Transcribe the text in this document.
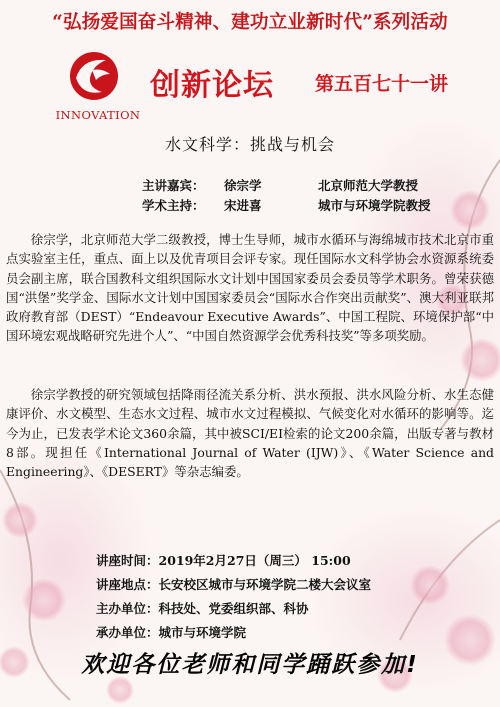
“弘扬爱国奋斗精神、建功立业新时代”系列活动
INNOVATION
创新论坛 第五百七十一讲
水文科学：挑战与机会
主讲嘉宾： 徐宗学	北京师范大学教授
学术主持： 宋进喜	城市与环境学院教授

徐宗学，北京师范大学二级教授，博士生导师，城市水循环与海绵城市技术北京市重点实验室主任，重点、面上以及优青项目会评专家。现任国际水文科学协会水资源系统委员会副主席，联合国教科文组织国际水文计划中国国家委员会委员等学术职务。曾荣获德国“洪堡”奖学金、国际水文计划中国国家委员会“国际水合作突出贡献奖”、澳大利亚联邦政府教育部（DEST）“Endeavour Executive Awards”、中国工程院、环境保护部“中国环境宏观战略研究先进个人”、“中国自然资源学会优秀科技奖”等多项奖励。

徐宗学教授的研究领域包括降雨径流关系分析、洪水预报、洪水风险分析、水生态健康评价、水文模型、生态水文过程、城市水文过程模拟、气候变化对水循环的影响等。迄今为止，已发表学术论文360余篇，其中被SCI/EI检索的论文200余篇，出版专著与教材8部。现担任《International Journal of Water (IJW)》、《Water Science and Engineering》、《DESERT》等杂志编委。

讲座时间：2019年2月27日（周三） 15:00
讲座地点：长安校区城市与环境学院二楼大会议室
主办单位：科技处、党委组织部、科协
承办单位：城市与环境学院
欢迎各位老师和同学踊跃参加!
